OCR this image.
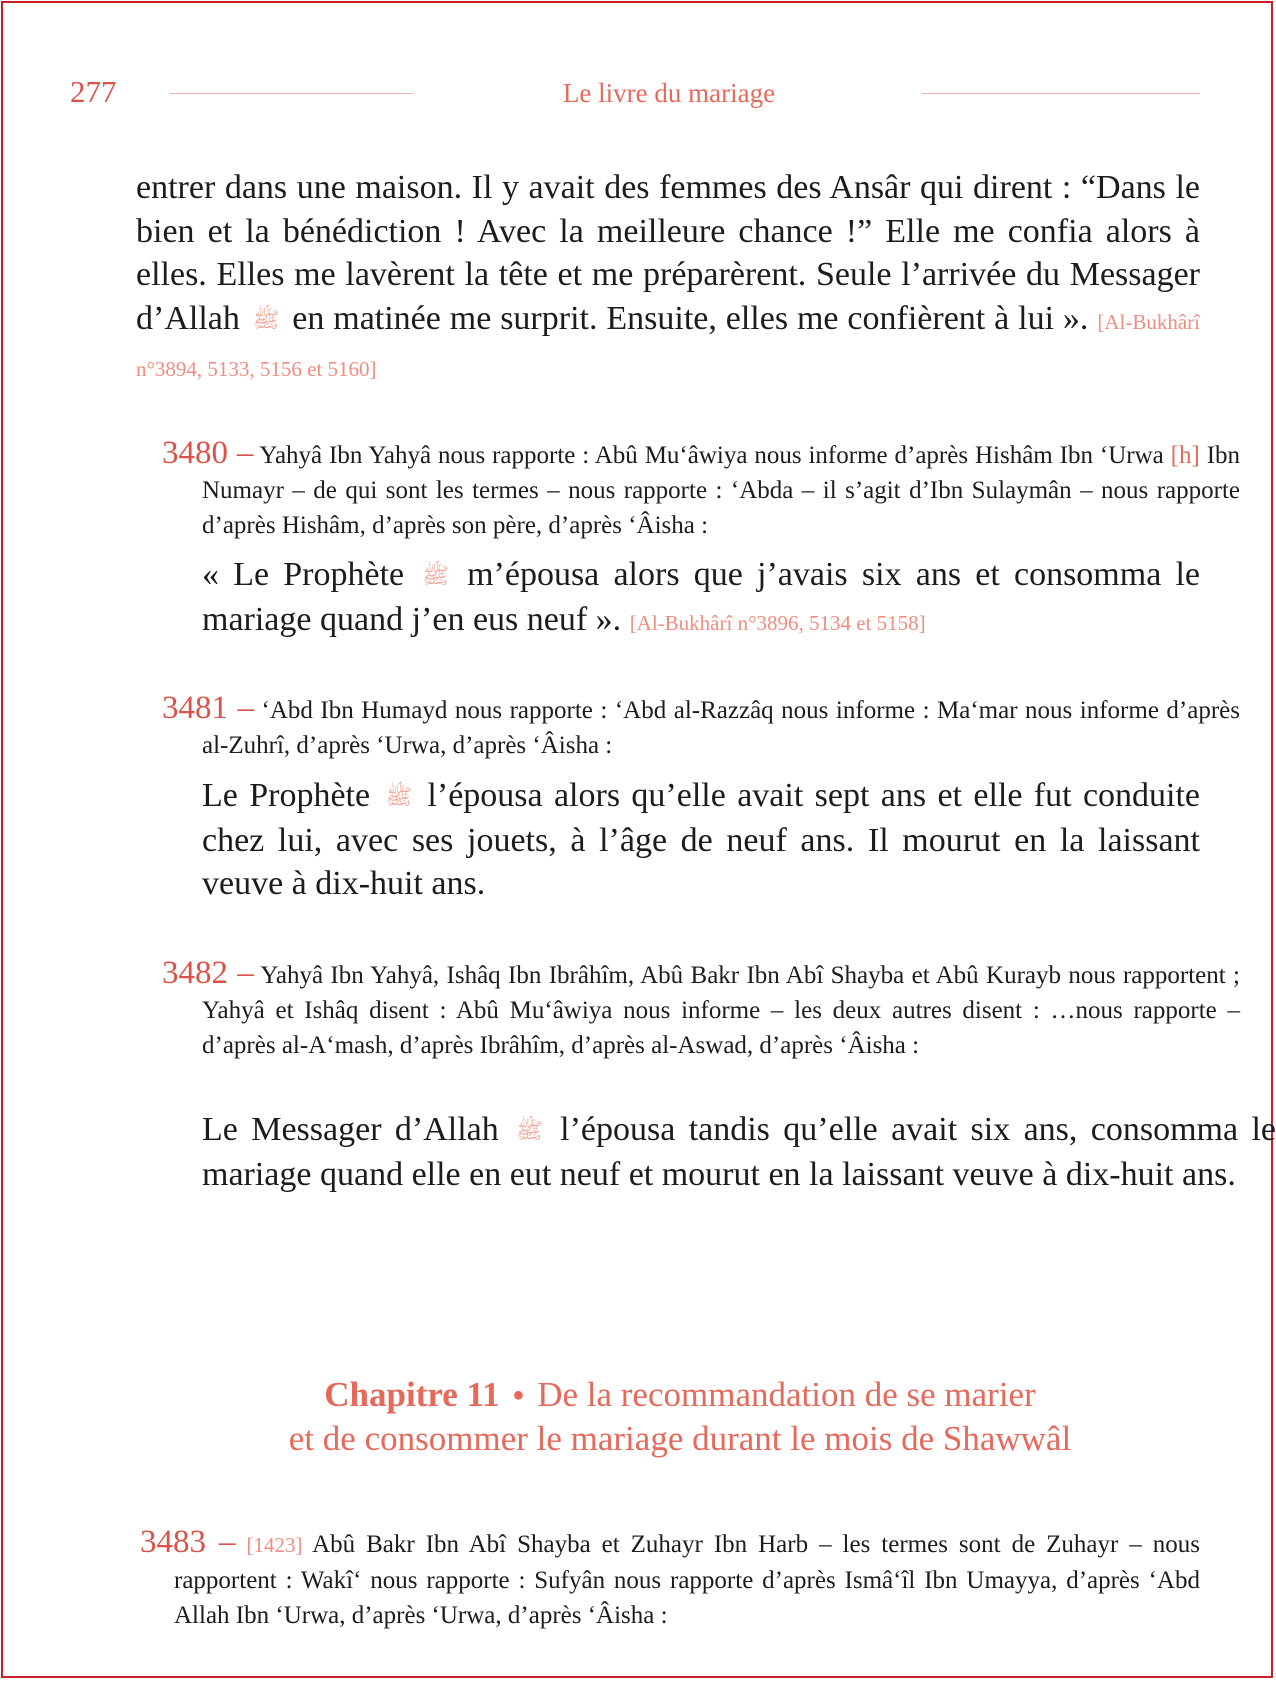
277	Le livre du mariage
entrer dans une maison. Il y avait des femmes des Ansâr qui dirent : “Dans le bien et la bénédiction ! Avec la meilleure chance !” Elle me confia alors à elles. Elles me lavèrent la tête et me préparèrent. Seule l’arrivée du Messager d’Allah ﷺ en matinée me surprit. Ensuite, elles me confièrent à lui ». [Al-Bukhârî n°3894, 5133, 5156 et 5160]
3480 – Yahyâ Ibn Yahyâ nous rapporte : Abû Mu‘âwiya nous informe d’après Hishâm Ibn ‘Urwa [h] Ibn Numayr – de qui sont les termes – nous rapporte : ‘Abda – il s’agit d’Ibn Sulaymân – nous rapporte d’après Hishâm, d’après son père, d’après ‘Âisha :
« Le Prophète ﷺ m’épousa alors que j’avais six ans et consomma le mariage quand j’en eus neuf ». [Al-Bukhârî n°3896, 5134 et 5158]
3481 – ‘Abd Ibn Humayd nous rapporte : ‘Abd al-Razzâq nous informe : Ma‘mar nous informe d’après al-Zuhrî, d’après ‘Urwa, d’après ‘Âisha :
Le Prophète ﷺ l’épousa alors qu’elle avait sept ans et elle fut conduite chez lui, avec ses jouets, à l’âge de neuf ans. Il mourut en la laissant veuve à dix-huit ans.
3482 – Yahyâ Ibn Yahyâ, Ishâq Ibn Ibrâhîm, Abû Bakr Ibn Abî Shayba et Abû Kurayb nous rapportent ; Yahyâ et Ishâq disent : Abû Mu‘âwiya nous informe – les deux autres disent : …nous rapporte – d’après al-A‘mash, d’après Ibrâhîm, d’après al-Aswad, d’après ‘Âisha :
Le Messager d’Allah ﷺ l’épousa tandis qu’elle avait six ans, consomma le mariage quand elle en eut neuf et mourut en la laissant veuve à dix-huit ans.
Chapitre 11 ● De la recommandation de se marier
et de consommer le mariage durant le mois de Shawwâl
3483 – [1423] Abû Bakr Ibn Abî Shayba et Zuhayr Ibn Harb – les termes sont de Zuhayr – nous rapportent : Wakî‘ nous rapporte : Sufyân nous rapporte d’après Ismâ‘îl Ibn Umayya, d’après ‘Abd Allah Ibn ‘Urwa, d’après ‘Urwa, d’après ‘Âisha :
